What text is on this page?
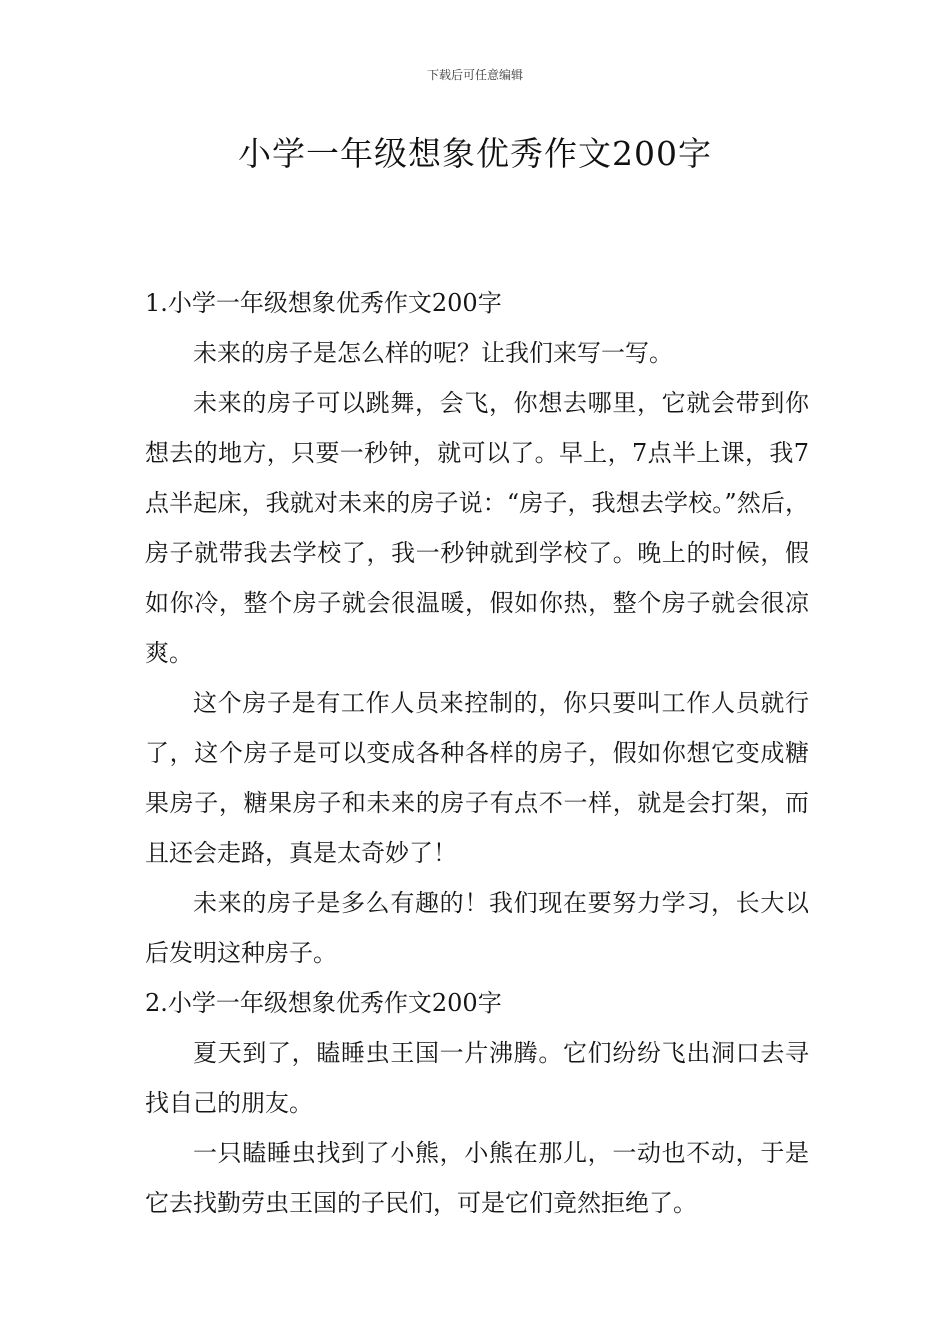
下载后可任意编辑
小学一年级想象优秀作文200字

1.小学一年级想象优秀作文200字

未来的房子是怎么样的呢？让我们来写一写。

未来的房子可以跳舞，会飞，你想去哪里，它就会带到你想去的地方，只要一秒钟，就可以了。早上，7点半上课，我7点半起床，我就对未来的房子说：“房子，我想去学校。”然后，房子就带我去学校了，我一秒钟就到学校了。晚上的时候，假如你冷，整个房子就会很温暖，假如你热，整个房子就会很凉爽。

这个房子是有工作人员来控制的，你只要叫工作人员就行了，这个房子是可以变成各种各样的房子，假如你想它变成糖果房子，糖果房子和未来的房子有点不一样，就是会打架，而且还会走路，真是太奇妙了！

未来的房子是多么有趣的！我们现在要努力学习，长大以后发明这种房子。

2.小学一年级想象优秀作文200字

夏天到了，瞌睡虫王国一片沸腾。它们纷纷飞出洞口去寻找自己的朋友。

一只瞌睡虫找到了小熊，小熊在那儿，一动也不动，于是它去找勤劳虫王国的子民们，可是它们竟然拒绝了。
